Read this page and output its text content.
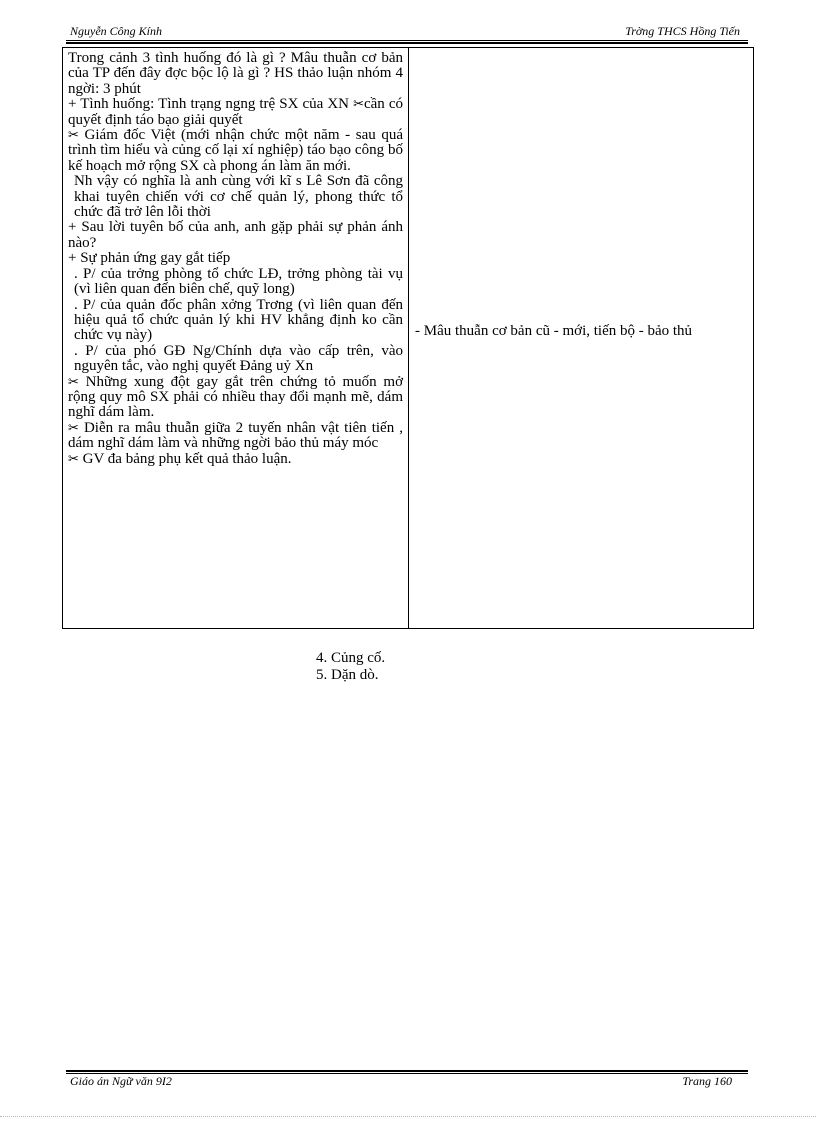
Nguyễn Công Kính	Trờng THCS Hồng Tiến

Trong cảnh 3 tình huống đó là gì ? Mâu thuẫn cơ bản của TP đến đây đợc bộc lộ là gì ? HS thảo luận nhóm 4 ngời: 3 phút

+ Tình huống: Tình trạng ngng trệ SX của XN ✂cần có quyết định táo bạo giải quyết

✂ Giám đốc Việt (mới nhận chức một năm - sau quá trình tìm hiểu và củng cố lại xí nghiệp) táo bạo công bố kế hoạch mở rộng SX cà phong án làm ăn mới.

Nh vậy có nghĩa là anh cùng với kĩ s Lê Sơn đã công khai tuyên chiến với cơ chế quản lý, phong thức tổ chức đã trở lên lỗi thời

+ Sau lời tuyên bố của anh, anh gặp phải sự phản ánh nào?

+ Sự phản ứng gay gắt tiếp

. P/ của trởng phòng tổ chức LĐ, trởng phòng tài vụ (vì liên quan đến biên chế, quỹ long)

. P/ của quản đốc phân xởng Trơng (vì liên quan đến hiệu quả tổ chức quản lý khi HV khẳng định ko cần chức vụ này)

. P/ của phó GĐ Ng/Chính dựa vào cấp trên, vào nguyên tắc, vào nghị quyết Đảng uỷ Xn

✂ Những xung đột gay gắt trên chứng tỏ muốn mở rộng quy mô SX phải có nhiều thay đổi mạnh mẽ, dám nghĩ dám làm.

✂ Diễn ra mâu thuẫn giữa 2 tuyến nhân vật tiên tiến , dám nghĩ dám làm và những ngời bảo thủ máy móc

✂ GV đa bảng phụ kết quả thảo luận.

- Mâu thuẫn cơ bản cũ - mới, tiến bộ - bảo thủ
4. Củng cố.
5. Dặn dò.
Giáo án Ngữ văn 9I2	Trang 160
